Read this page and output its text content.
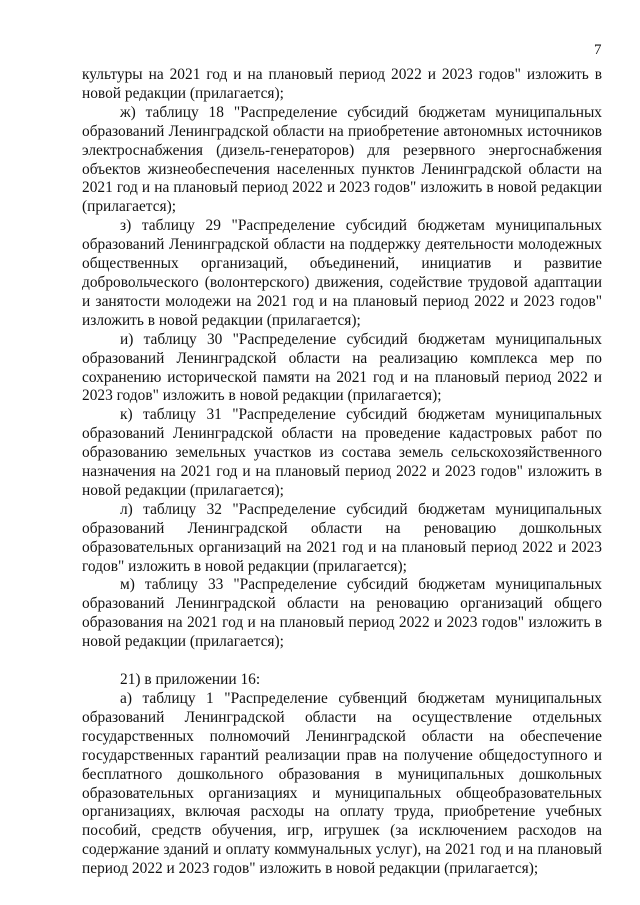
7

культуры на 2021 год и на плановый период 2022 и 2023 годов" изложить в новой редакции (прилагается);

ж) таблицу 18 "Распределение субсидий бюджетам муниципальных образований Ленинградской области на приобретение автономных источников электроснабжения (дизель-генераторов) для резервного энергоснабжения объектов жизнеобеспечения населенных пунктов Ленинградской области на 2021 год и на плановый период 2022 и 2023 годов" изложить в новой редакции (прилагается);

з) таблицу 29 "Распределение субсидий бюджетам муниципальных образований Ленинградской области на поддержку деятельности молодежных общественных организаций, объединений, инициатив и развитие добровольческого (волонтерского) движения, содействие трудовой адаптации и занятости молодежи на 2021 год и на плановый период 2022 и 2023 годов" изложить в новой редакции (прилагается);

и) таблицу 30 "Распределение субсидий бюджетам муниципальных образований Ленинградской области на реализацию комплекса мер по сохранению исторической памяти на 2021 год и на плановый период 2022 и 2023 годов" изложить в новой редакции (прилагается);

к) таблицу 31 "Распределение субсидий бюджетам муниципальных образований Ленинградской области на проведение кадастровых работ по образованию земельных участков из состава земель сельскохозяйственного назначения на 2021 год и на плановый период 2022 и 2023 годов" изложить в новой редакции (прилагается);

л) таблицу 32 "Распределение субсидий бюджетам муниципальных образований Ленинградской области на реновацию дошкольных образовательных организаций на 2021 год и на плановый период 2022 и 2023 годов" изложить в новой редакции (прилагается);

м) таблицу 33 "Распределение субсидий бюджетам муниципальных образований Ленинградской области на реновацию организаций общего образования на 2021 год и на плановый период 2022 и 2023 годов" изложить в новой редакции (прилагается);

21) в приложении 16:

а) таблицу 1 "Распределение субвенций бюджетам муниципальных образований Ленинградской области на осуществление отдельных государственных полномочий Ленинградской области на обеспечение государственных гарантий реализации прав на получение общедоступного и бесплатного дошкольного образования в муниципальных дошкольных образовательных организациях и муниципальных общеобразовательных организациях, включая расходы на оплату труда, приобретение учебных пособий, средств обучения, игр, игрушек (за исключением расходов на содержание зданий и оплату коммунальных услуг), на 2021 год и на плановый период 2022 и 2023 годов" изложить в новой редакции (прилагается);
